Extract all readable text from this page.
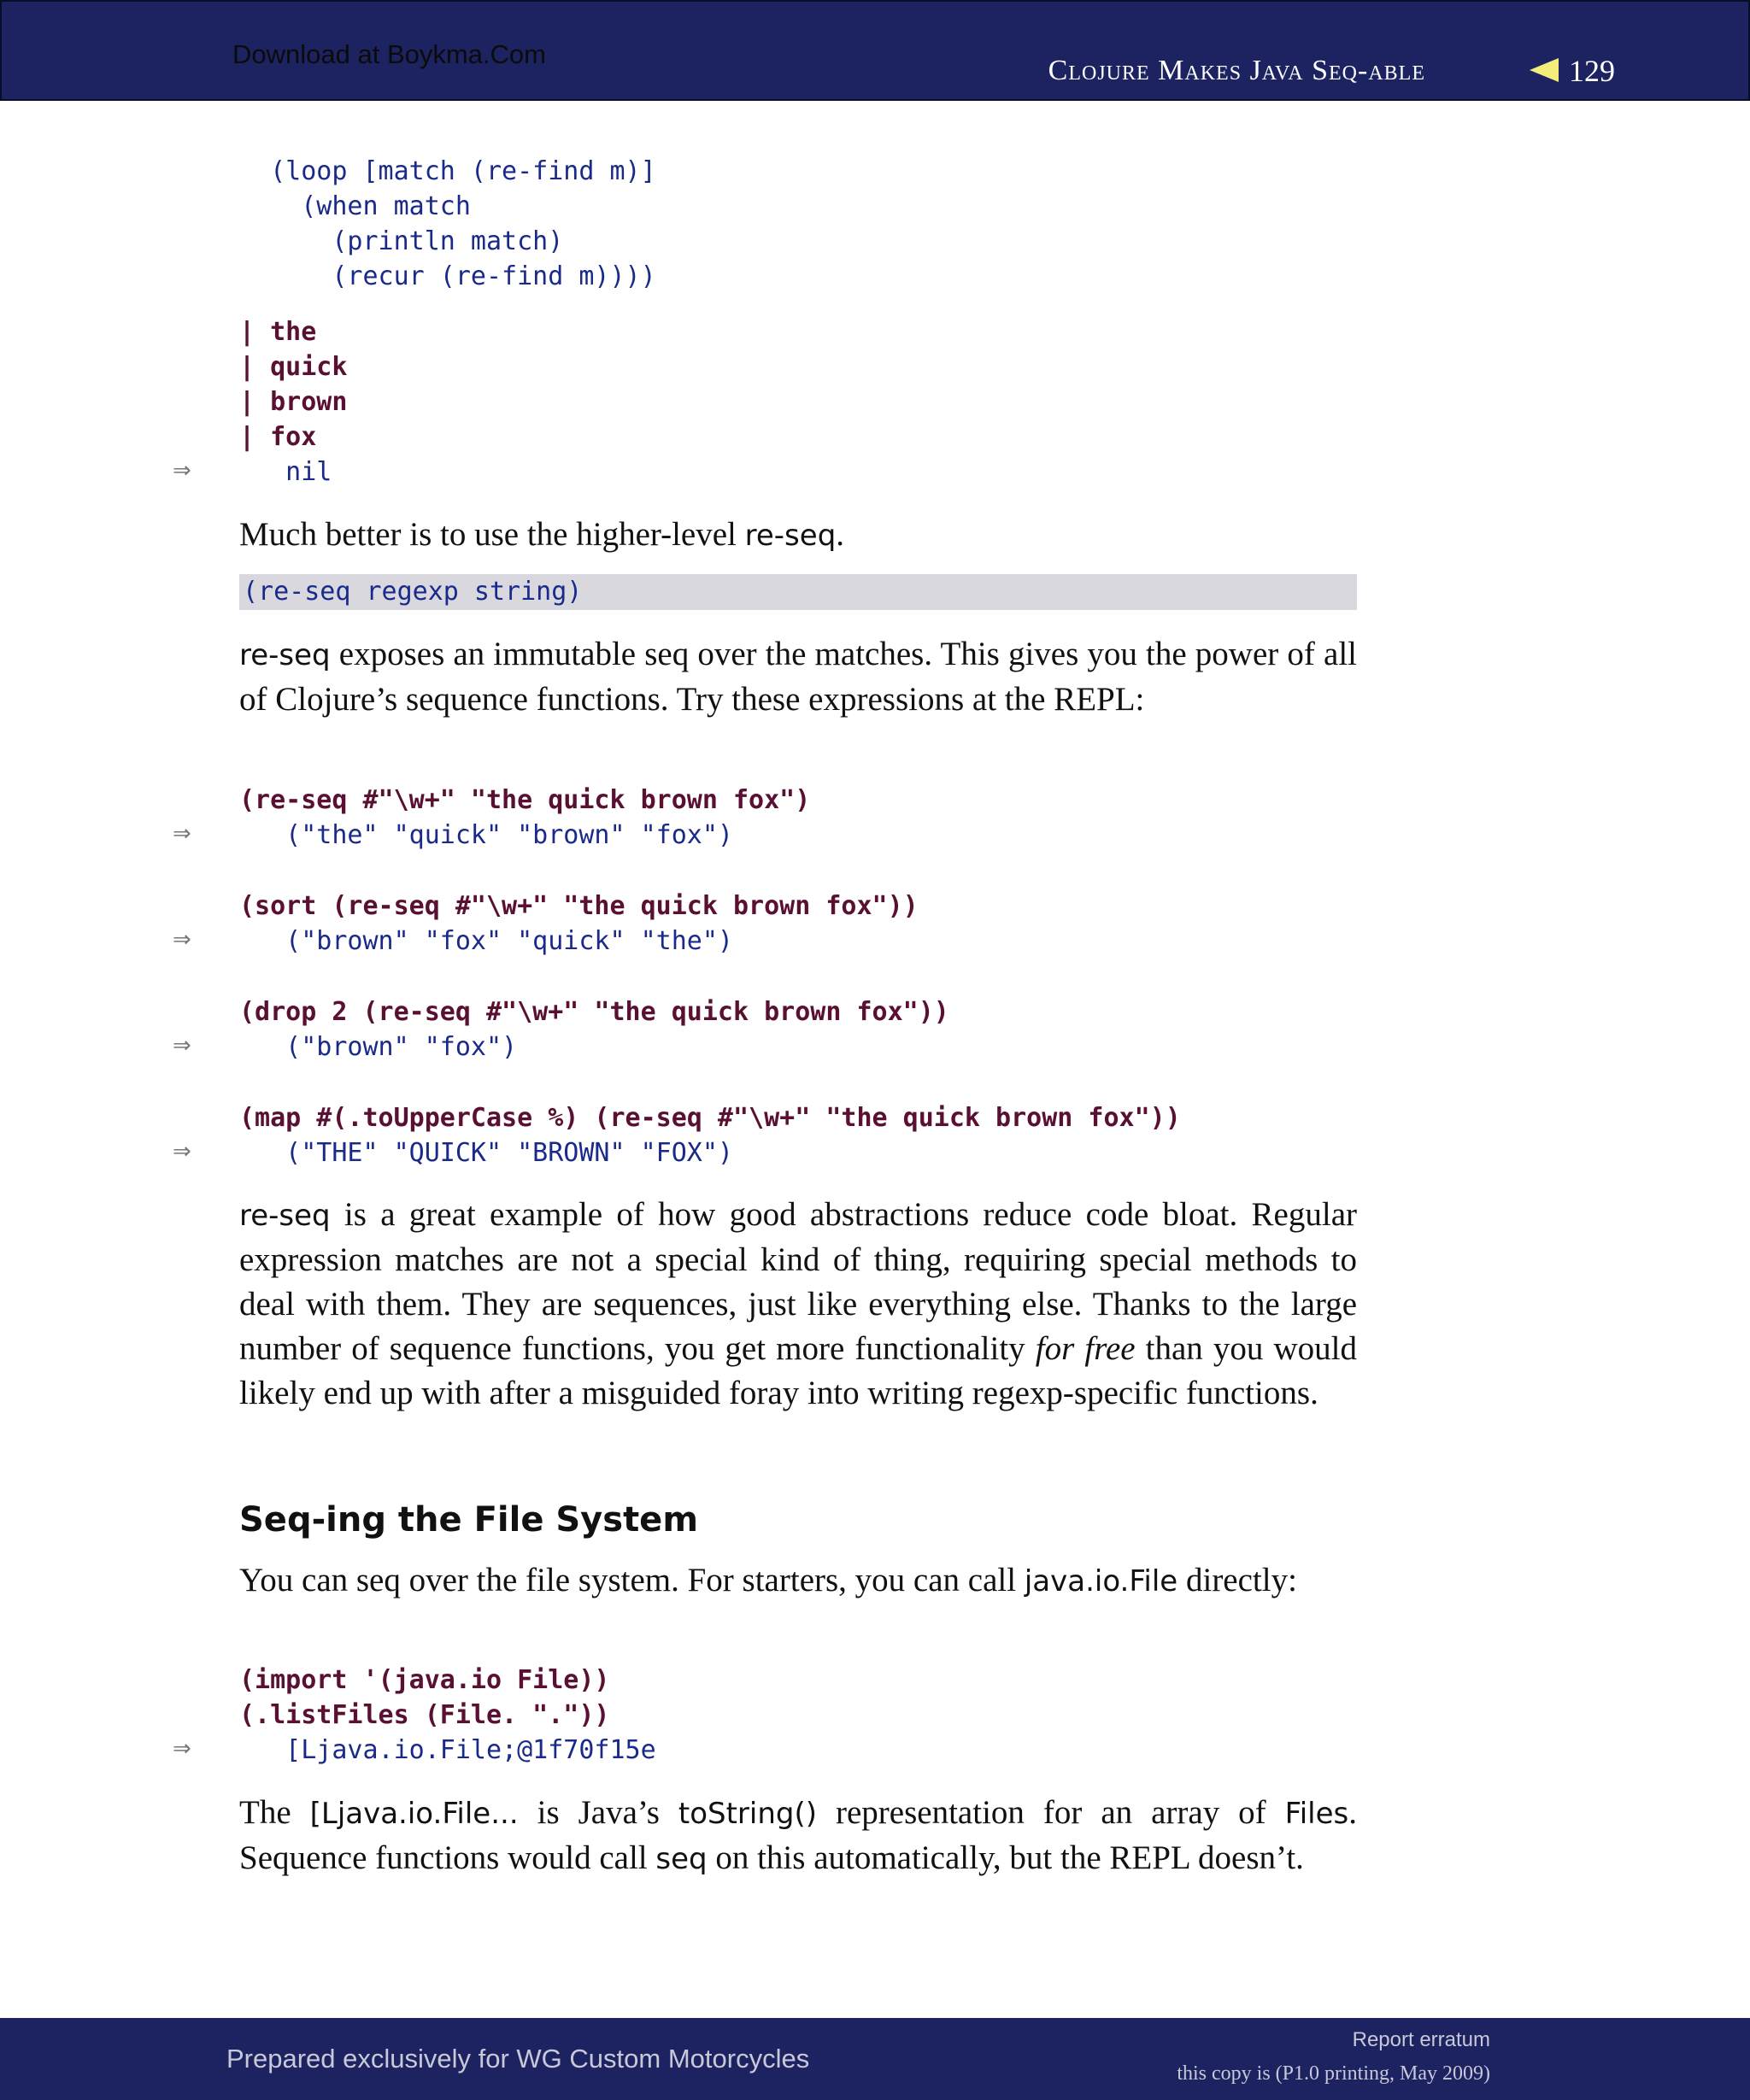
Download at Boykma.Com
Clojure Makes Java Seq-able	129
(loop [match (re-find m)]
(when match
(println match)
(recur (re-find m))))
| the
| quick
| brown
| fox
⇒ nil

Much better is to use the higher-level re-seq.

(re-seq regexp string)

re-seq exposes an immutable seq over the matches. This gives you the power of all of Clojure’s sequence functions. Try these expressions at the REPL:

(re-seq #"\w+" "the quick brown fox")
⇒ ("the" "quick" "brown" "fox")
(sort (re-seq #"\w+" "the quick brown fox"))
⇒ ("brown" "fox" "quick" "the")
(drop 2 (re-seq #"\w+" "the quick brown fox"))
⇒ ("brown" "fox")
(map #(.toUpperCase %) (re-seq #"\w+" "the quick brown fox"))
⇒ ("THE" "QUICK" "BROWN" "FOX")

re-seq is a great example of how good abstractions reduce code bloat. Regular expression matches are not a special kind of thing, requiring special methods to deal with them. They are sequences, just like everything else. Thanks to the large number of sequence functions, you get more functionality for free than you would likely end up with after a misguided foray into writing regexp-specific functions.

Seq-ing the File System

You can seq over the file system. For starters, you can call java.io.File directly:

(import '(java.io File))
(.listFiles (File. "."))
⇒ [Ljava.io.File;@1f70f15e

The [Ljava.io.File... is Java’s toString() representation for an array of Files. Sequence functions would call seq on this automatically, but the REPL doesn’t.

Prepared exclusively for WG Custom Motorcycles
Report erratum
this copy is (P1.0 printing, May 2009)
